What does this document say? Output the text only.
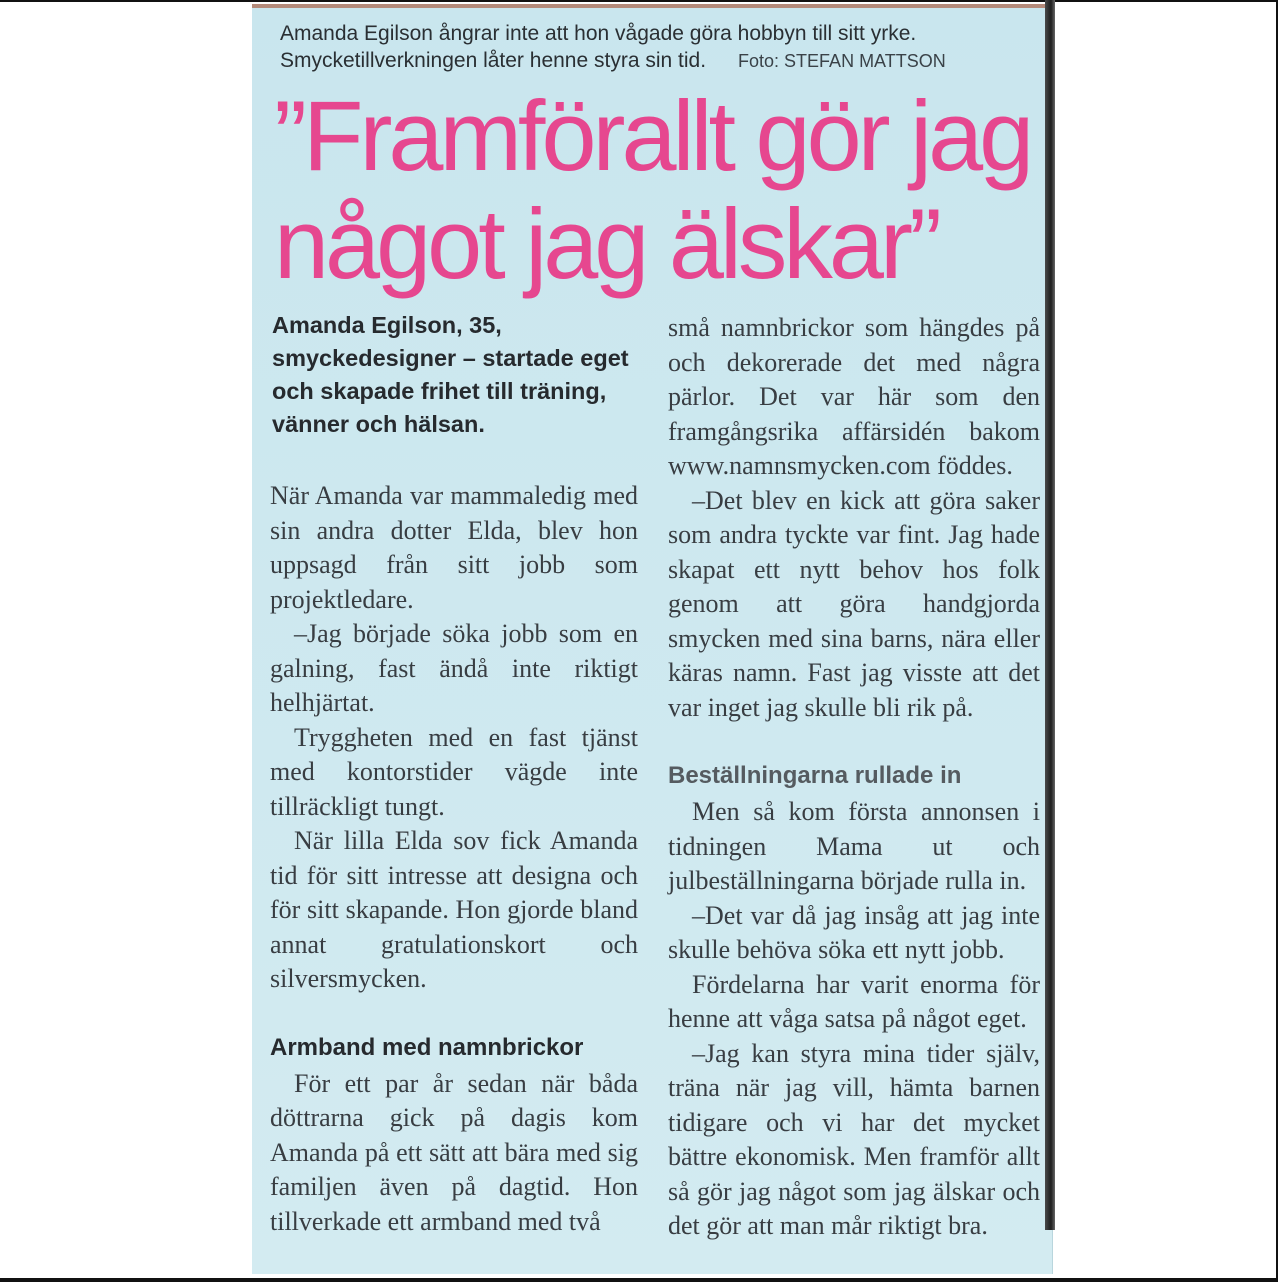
Amanda Egilson ångrar inte att hon vågade göra hobbyn till sitt yrke.
Smycketillverkningen låter henne styra sin tid. Foto: STEFAN MATTSON
”Framförallt gör jag
något jag älskar”
Amanda Egilson, 35, smyckedesigner – startade eget och skapade frihet till träning, vänner och hälsan.

När Amanda var mammaledig med sin andra dotter Elda, blev hon uppsagd från sitt jobb som projektledare.

–Jag började söka jobb som en galning, fast ändå inte riktigt helhjärtat.

Tryggheten med en fast tjänst med kontorstider vägde inte tillräckligt tungt.

När lilla Elda sov fick Amanda tid för sitt intresse att designa och för sitt skapande. Hon gjorde bland annat gratulationskort och silversmycken.

Armband med namnbrickor

För ett par år sedan när båda döttrarna gick på dagis kom Amanda på ett sätt att bära med sig familjen även på dagtid. Hon tillverkade ett armband med två

små namnbrickor som hängdes på och dekorerade det med några pärlor. Det var här som den framgångsrika affärsidén bakom www.namnsmycken.com föddes.

–Det blev en kick att göra saker som andra tyckte var fint. Jag hade skapat ett nytt behov hos folk genom att göra handgjorda smycken med sina barns, nära eller käras namn. Fast jag visste att det var inget jag skulle bli rik på.

Beställningarna rullade in

Men så kom första annonsen i tidningen Mama ut och julbeställningarna började rulla in.

–Det var då jag insåg att jag inte skulle behöva söka ett nytt jobb.

Fördelarna har varit enorma för henne att våga satsa på något eget.

–Jag kan styra mina tider själv, träna när jag vill, hämta barnen tidigare och vi har det mycket bättre ekonomisk. Men framför allt så gör jag något som jag älskar och det gör att man mår riktigt bra.
